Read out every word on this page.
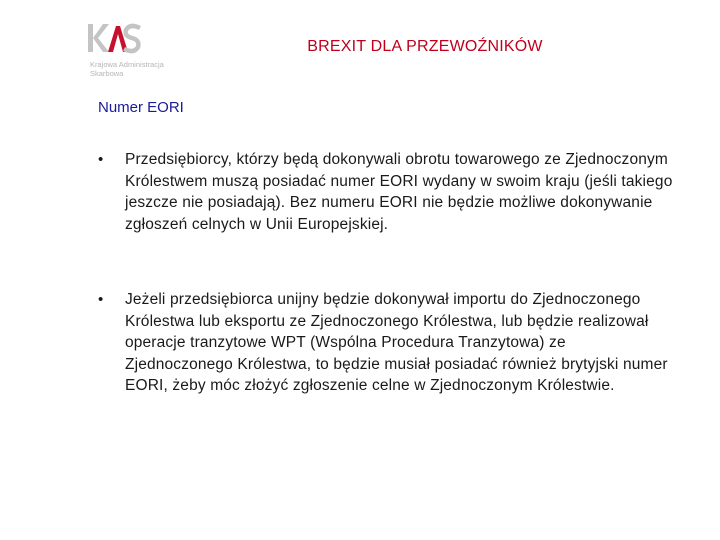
Krajowa Administracja
Skarbowa
BREXIT DLA PRZEWOŹNIKÓW
Numer EORI
• Przedsiębiorcy, którzy będą dokonywali obrotu towarowego ze Zjednoczonym Królestwem muszą posiadać numer EORI wydany w swoim kraju (jeśli takiego jeszcze nie posiadają). Bez numeru EORI nie będzie możliwe dokonywanie zgłoszeń celnych w Unii Europejskiej.
• Jeżeli przedsiębiorca unijny będzie dokonywał importu do Zjednoczonego Królestwa lub eksportu ze Zjednoczonego Królestwa, lub będzie realizował operacje tranzytowe WPT (Wspólna Procedura Tranzytowa) ze Zjednoczonego Królestwa, to będzie musiał posiadać również brytyjski numer EORI, żeby móc złożyć zgłoszenie celne w Zjednoczonym Królestwie.
